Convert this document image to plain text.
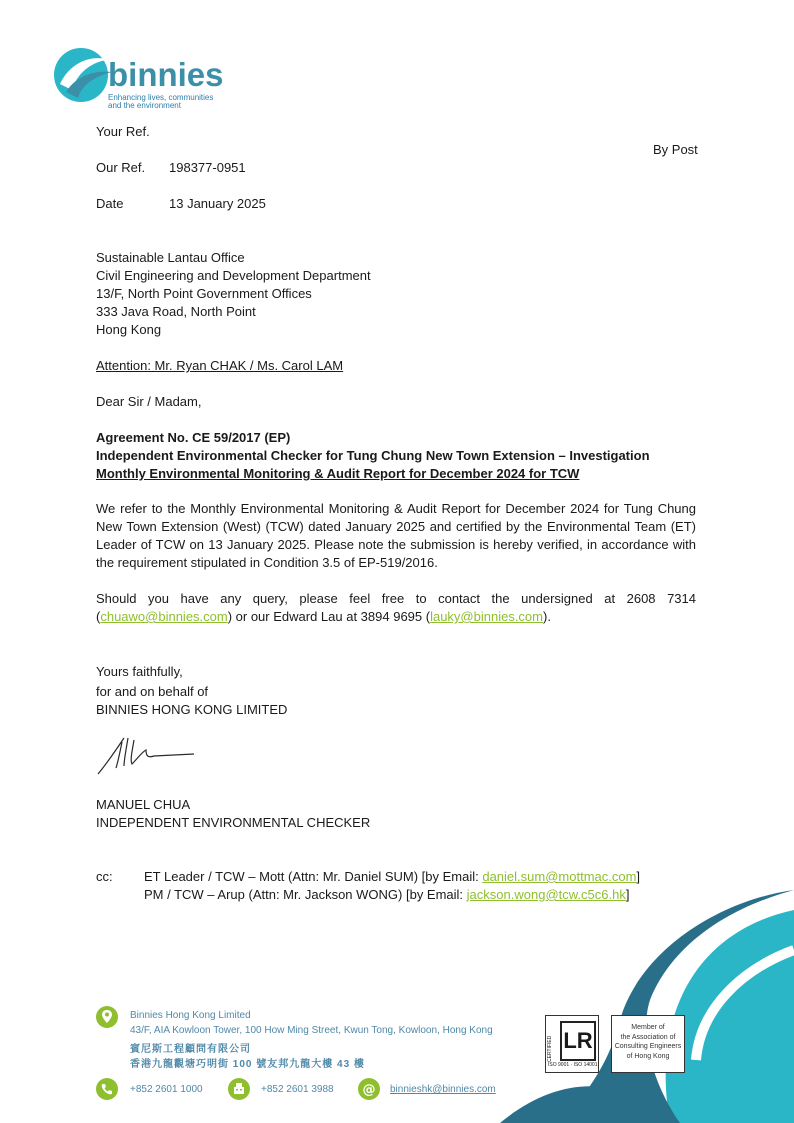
binnies
Enhancing lives, communities
and the environment
Your Ref.
By Post
Our Ref. 198377-0951
Date	13 January 2025
Sustainable Lantau Office
Civil Engineering and Development Department
13/F, North Point Government Offices
333 Java Road, North Point
Hong Kong
Attention: Mr. Ryan CHAK / Ms. Carol LAM
Dear Sir / Madam,
Agreement No. CE 59/2017 (EP)
Independent Environmental Checker for Tung Chung New Town Extension – Investigation
Monthly Environmental Monitoring & Audit Report for December 2024 for TCW
We refer to the Monthly Environmental Monitoring & Audit Report for December 2024 for Tung Chung New Town Extension (West) (TCW) dated January 2025 and certified by the Environmental Team (ET) Leader of TCW on 13 January 2025. Please note the submission is hereby verified, in accordance with the requirement stipulated in Condition 3.5 of EP-519/2016.
Should you have any query, please feel free to contact the undersigned at 2608 7314 (chuawo@binnies.com) or our Edward Lau at 3894 9695 (lauky@binnies.com).
Yours faithfully,
for and on behalf of
BINNIES HONG KONG LIMITED
MANUEL CHUA
INDEPENDENT ENVIRONMENTAL CHECKER
cc: ET Leader / TCW – Mott (Attn: Mr. Daniel SUM) [by Email: daniel.sum@mottmac.com]
PM / TCW – Arup (Attn: Mr. Jackson WONG) [by Email: jackson.wong@tcw.c5c6.hk]
Binnies Hong Kong Limited
43/F, AIA Kowloon Tower, 100 How Ming Street, Kwun Tong, Kowloon, Hong Kong
賓尼斯工程顧問有限公司
香港九龍觀塘巧明街 100 號友邦九龍大樓 43 樓
+852 2601 1000	+852 2601 3988 @ binnieshk@binnies.com
CERTIFIED LR
ISO 9001 · ISO 14001
Member of
the Association of
Consulting Engineers
of Hong Kong
